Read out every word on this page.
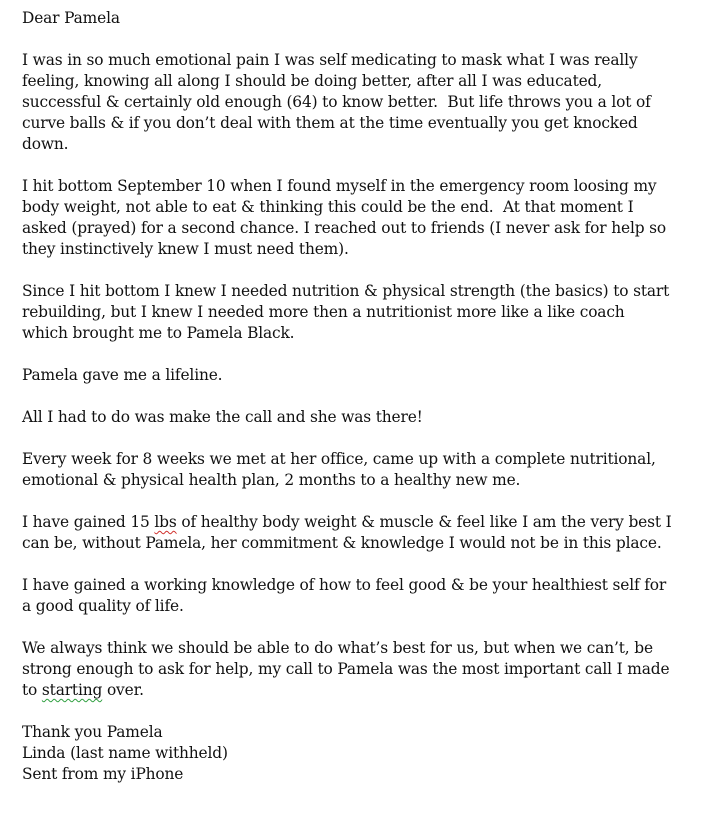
Dear Pamela
I was in so much emotional pain I was self medicating to mask what I was really
feeling, knowing all along I should be doing better, after all I was educated,
successful & certainly old enough (64) to know better.  But life throws you a lot of
curve balls & if you don’t deal with them at the time eventually you get knocked
down.
I hit bottom September 10 when I found myself in the emergency room loosing my
body weight, not able to eat & thinking this could be the end.  At that moment I
asked (prayed) for a second chance. I reached out to friends (I never ask for help so
they instinctively knew I must need them).
Since I hit bottom I knew I needed nutrition & physical strength (the basics) to start
rebuilding, but I knew I needed more then a nutritionist more like a like coach
which brought me to Pamela Black.
Pamela gave me a lifeline.
All I had to do was make the call and she was there!
Every week for 8 weeks we met at her office, came up with a complete nutritional,
emotional & physical health plan, 2 months to a healthy new me.
I have gained 15 lbs of healthy body weight & muscle & feel like I am the very best I
can be, without Pamela, her commitment & knowledge I would not be in this place.
I have gained a working knowledge of how to feel good & be your healthiest self for
a good quality of life.
We always think we should be able to do what’s best for us, but when we can’t, be
strong enough to ask for help, my call to Pamela was the most important call I made
to starting over.
Thank you Pamela
Linda (last name withheld)
Sent from my iPhone
